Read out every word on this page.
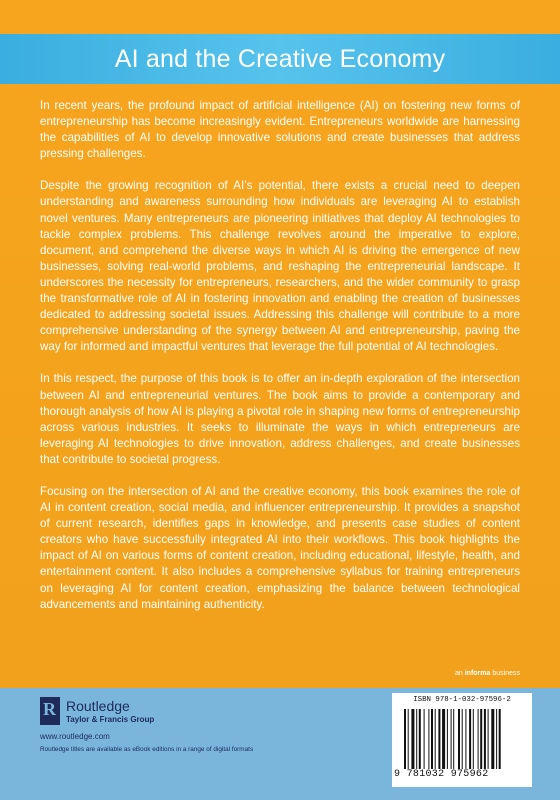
AI and the Creative Economy

In recent years, the profound impact of artificial intelligence (AI) on fostering new forms of entrepreneurship has become increasingly evident. Entrepreneurs worldwide are harnessing the capabilities of AI to develop innovative solutions and create businesses that address pressing challenges.

Despite the growing recognition of AI’s potential, there exists a crucial need to deepen understanding and awareness surrounding how individuals are leveraging AI to establish novel ventures. Many entrepreneurs are pioneering initiatives that deploy AI technologies to tackle complex problems. This challenge revolves around the imperative to explore, document, and comprehend the diverse ways in which AI is driving the emergence of new businesses, solving real-world problems, and reshaping the entrepreneurial landscape. It underscores the necessity for entrepreneurs, researchers, and the wider community to grasp the transformative role of AI in fostering innovation and enabling the creation of businesses dedicated to addressing societal issues. Addressing this challenge will contribute to a more comprehensive understanding of the synergy between AI and entrepreneurship, paving the way for informed and impactful ventures that leverage the full potential of AI technologies.

In this respect, the purpose of this book is to offer an in-depth exploration of the intersection between AI and entrepreneurial ventures. The book aims to provide a contemporary and thorough analysis of how AI is playing a pivotal role in shaping new forms of entrepreneurship across various industries. It seeks to illuminate the ways in which entrepreneurs are leveraging AI technologies to drive innovation, address challenges, and create businesses that contribute to societal progress.

Focusing on the intersection of AI and the creative economy, this book examines the role of AI in content creation, social media, and influencer entrepreneurship. It provides a snapshot of current research, identifies gaps in knowledge, and presents case studies of content creators who have successfully integrated AI into their workflows. This book highlights the impact of AI on various forms of content creation, including educational, lifestyle, health, and entertainment content. It also includes a comprehensive syllabus for training entrepreneurs on leveraging AI for content creation, emphasizing the balance between technological advancements and maintaining authenticity.

an informa business
R Routledge
Taylor & Francis Group
www.routledge.com
Routledge titles are available as eBook editions in a range of digital formats
ISBN 978-1-032-97596-2
9 781032 975962
